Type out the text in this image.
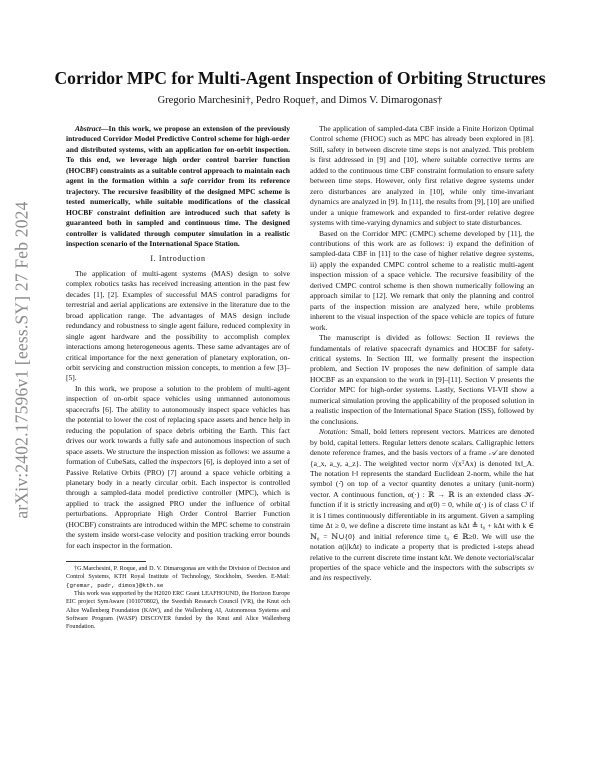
arXiv:2402.17596v1 [eess.SY] 27 Feb 2024
Corridor MPC for Multi-Agent Inspection of Orbiting Structures
Gregorio Marchesini†, Pedro Roque†, and Dimos V. Dimarogonas†

Abstract—In this work, we propose an extension of the previously introduced Corridor Model Predictive Control scheme for high-order and distributed systems, with an application for on-orbit inspection. To this end, we leverage high order control barrier function (HOCBF) constraints as a suitable control approach to maintain each agent in the formation within a safe corridor from its reference trajectory. The recursive feasibility of the designed MPC scheme is tested numerically, while suitable modifications of the classical HOCBF constraint definition are introduced such that safety is guaranteed both in sampled and continuous time. The designed controller is validated through computer simulation in a realistic inspection scenario of the International Space Station.

I. Introduction

The application of multi-agent systems (MAS) design to solve complex robotics tasks has received increasing attention in the past few decades [1], [2]. Examples of successful MAS control paradigms for terrestrial and aerial applications are extensive in the literature due to the broad application range. The advantages of MAS design include redundancy and robustness to single agent failure, reduced complexity in single agent hardware and the possibility to accomplish complex interactions among heterogeneous agents. These same advantages are of critical importance for the next generation of planetary exploration, on-orbit servicing and construction mission concepts, to mention a few [3]–[5].

In this work, we propose a solution to the problem of multi-agent inspection of on-orbit space vehicles using unmanned autonomous spacecrafts [6]. The ability to autonomously inspect space vehicles has the potential to lower the cost of replacing space assets and hence help in reducing the population of space debris orbiting the Earth. This fact drives our work towards a fully safe and autonomous inspection of such space assets. We structure the inspection mission as follows: we assume a formation of CubeSats, called the inspectors [6], is deployed into a set of Passive Relative Orbits (PRO) [7] around a space vehicle orbiting a planetary body in a nearly circular orbit. Each inspector is controlled through a sampled-data model predictive controller (MPC), which is applied to track the assigned PRO under the influence of orbital perturbations. Appropriate High Order Control Barrier Function (HOCBF) constraints are introduced within the MPC scheme to constrain the system inside worst-case velocity and position tracking error bounds for each inspector in the formation.

†G.Marchesini, P. Roque, and D. V. Dimarogonas are with the Division of Decision and Control Systems, KTH Royal Institute of Technology, Stockholm, Sweden. E-Mail: {gremar, padr, dimos}@kth.se

This work was supported by the H2020 ERC Grant LEAFHOUND, the Horizon Europe EIC project SymAware (101070802), the Swedish Research Council (VR), the Knut och Alice Wallenberg Foundation (KAW), and the Wallenberg AI, Autonomous Systems and Software Program (WASP) DISCOVER funded by the Knut and Alice Wallenberg Foundation.

The application of sampled-data CBF inside a Finite Horizon Optimal Control scheme (FHOC) such as MPC has already been explored in [8]. Still, safety in between discrete time steps is not analyzed. This problem is first addressed in [9] and [10], where suitable corrective terms are added to the continuous time CBF constraint formulation to ensure safety between time steps. However, only first relative degree systems under zero disturbances are analyzed in [10], while only time-invariant dynamics are analyzed in [9]. In [11], the results from [9], [10] are unified under a unique framework and expanded to first-order relative degree systems with time-varying dynamics and subject to state disturbances.

Based on the Corridor MPC (CMPC) scheme developed by [11], the contributions of this work are as follows: i) expand the definition of sampled-data CBF in [11] to the case of higher relative degree systems, ii) apply the expanded CMPC control scheme to a realistic multi-agent inspection mission of a space vehicle. The recursive feasibility of the derived CMPC control scheme is then shown numerically following an approach similar to [12]. We remark that only the planning and control parts of the inspection mission are analyzed here, while problems inherent to the visual inspection of the space vehicle are topics of future work.

The manuscript is divided as follows: Section II reviews the fundamentals of relative spacecraft dynamics and HOCBF for safety-critical systems. In Section III, we formally present the inspection problem, and Section IV proposes the new definition of sample data HOCBF as an expansion to the work in [9]–[11]. Section V presents the Corridor MPC for high-order systems. Lastly, Sections VI-VII show a numerical simulation proving the applicability of the proposed solution in a realistic inspection of the International Space Station (ISS), followed by the conclusions.

Notation: Small, bold letters represent vectors. Matrices are denoted by bold, capital letters. Regular letters denote scalars. Calligraphic letters denote reference frames, and the basis vectors of a frame 𝒜 are denoted {a_x, a_y, a_z}. The weighted vector norm √(xᵀAx) is denoted ‖x‖_A. The notation ‖·‖ represents the standard Euclidean 2-norm, while the hat symbol (·̂) on top of a vector quantity denotes a unitary (unit-norm) vector. A continuous function, α(·) : ℝ → ℝ is an extended class 𝒦-function if it is strictly increasing and α(0) = 0, while α(·) is of class Cˡ if it is l times continuously differentiable in its argument. Given a sampling time Δt ≥ 0, we define a discrete time instant as kΔt ≜ t₀ + kΔt with k ∈ ℕ₀ = ℕ∪{0} and initial reference time t₀ ∈ ℝ≥0. We will use the notation α(i|kΔt) to indicate a property that is predicted i-steps ahead relative to the current discrete time instant kΔt. We denote vectorial/scalar properties of the space vehicle and the inspectors with the subscripts sv and ins respectively.
